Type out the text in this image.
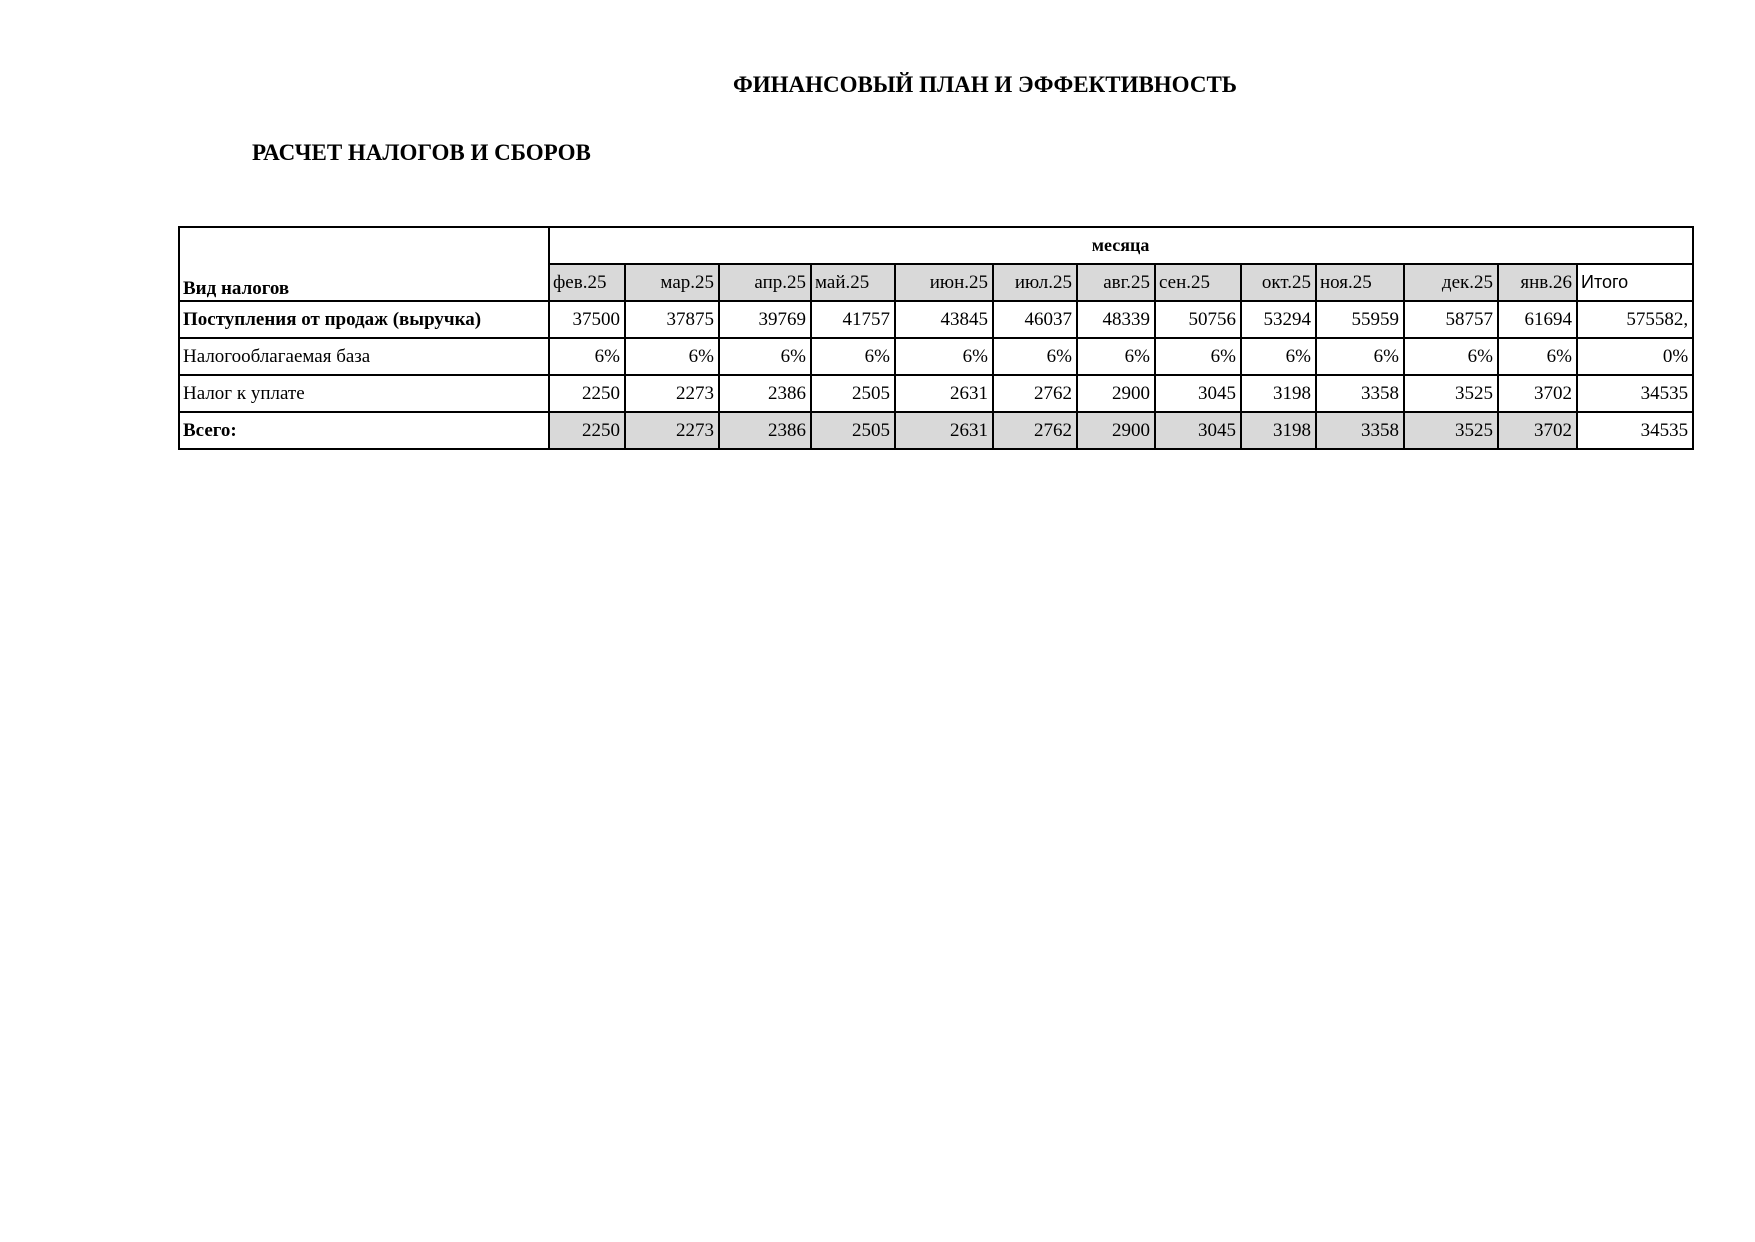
ФИНАНСОВЫЙ ПЛАН И ЭФФЕКТИВНОСТЬ
РАСЧЕТ НАЛОГОВ И СБОРОВ
Вид налогов	месяца												
	фев.25	мар.25	апр.25	май.25	июн.25	июл.25	авг.25	сен.25	окт.25	ноя.25	дек.25	янв.26	Итого
Поступления от продаж (выручка)	37500	37875	39769	41757	43845	46037	48339	50756	53294	55959	58757	61694	575582,
Налогооблагаемая база	6%	6%	6%	6%	6%	6%	6%	6%	6%	6%	6%	6%	0%
Налог к уплате	2250	2273	2386	2505	2631	2762	2900	3045	3198	3358	3525	3702	34535
Всего:	2250	2273	2386	2505	2631	2762	2900	3045	3198	3358	3525	3702	34535
